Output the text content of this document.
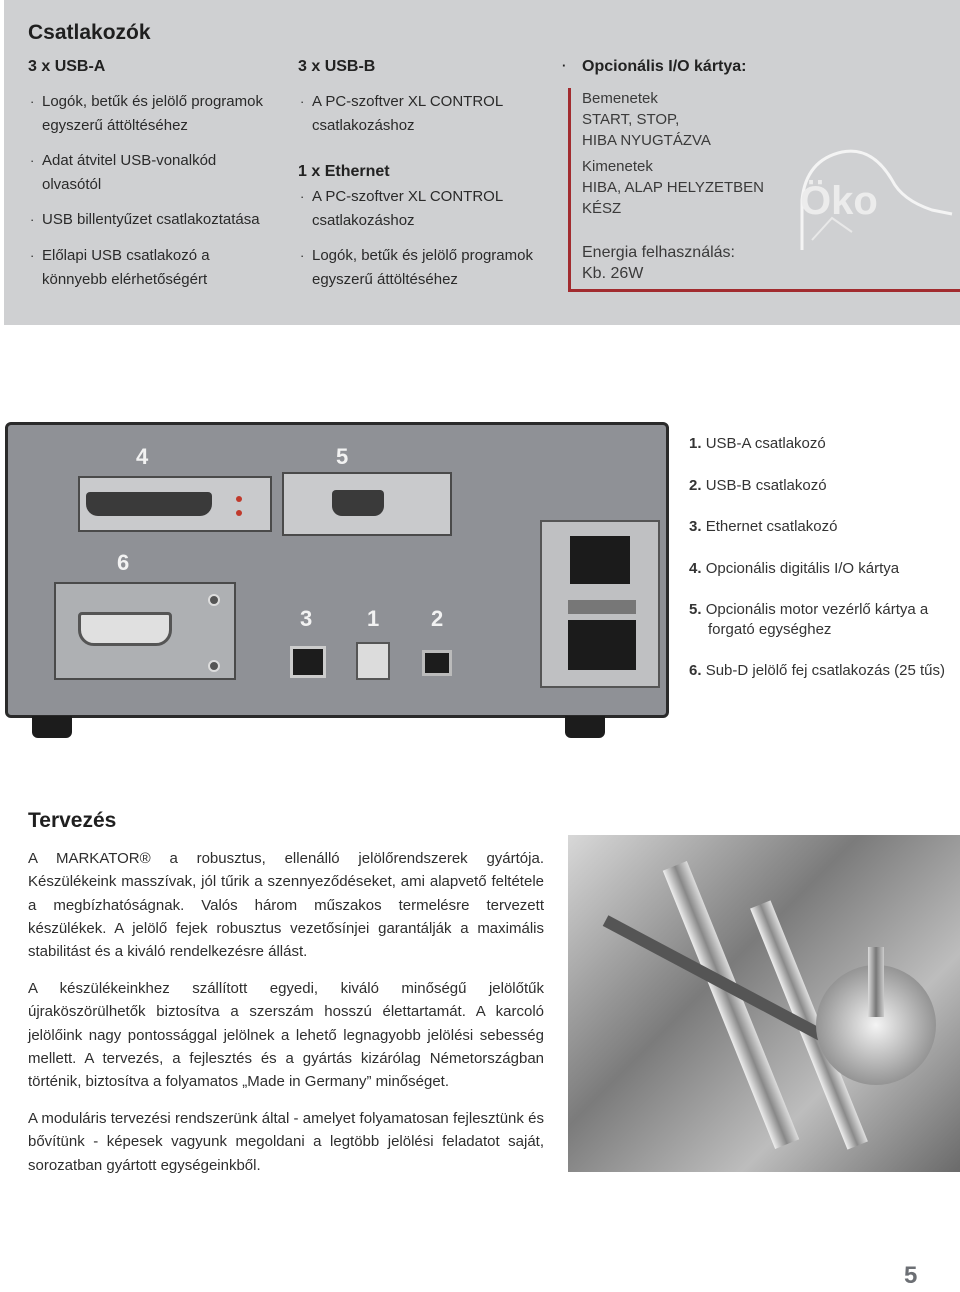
Csatlakozók
3 x USB-A
· Logók, betűk és jelölő programok egyszerű áttöltéséhez
· Adat átvitel USB-vonalkód olvasótól
· USB billentyűzet csatlakoztatása
· Előlapi USB csatlakozó a könnyebb elérhetőségért
3 x USB-B
· A PC-szoftver XL CONTROL csatlakozáshoz
1 x Ethernet
· A PC-szoftver XL CONTROL csatlakozáshoz
· Logók, betűk és jelölő programok egyszerű áttöltéséhez
· Opcionális I/O kártya:
Bemenetek
START, STOP,
HIBA NYUGTÁZVA
Kimenetek
HIBA, ALAP HELYZETBEN
KÉSZ
Energia felhasználás:
Kb. 26W
Öko
4	5
6
3 1 2
1. USB-A csatlakozó
2. USB-B csatlakozó
3. Ethernet csatlakozó
4. Opcionális digitális I/O kártya
5. Opcionális motor vezérlő kártya a forgató egységhez
6. Sub-D jelölő fej csatlakozás (25 tűs)
Tervezés
A MARKATOR® a robusztus, ellenálló jelölőrendszerek gyártója. Készülékeink masszívak, jól tűrik a szennyeződéseket, ami alapvető feltétele a megbízhatóságnak. Valós három műszakos termelésre tervezett készülékek. A jelölő fejek robusztus vezetősínjei garantálják a maximális stabilitást és a kiváló rendelkezésre állást.
A készülékeinkhez szállított egyedi, kiváló minőségű jelölőtűk újraköszörülhetők biztosítva a szerszám hosszú élettartamát. A karcoló jelölőink nagy pontossággal jelölnek a lehető legnagyobb jelölési sebesség mellett. A tervezés, a fejlesztés és a gyártás kizárólag Németországban történik, biztosítva a folyamatos „Made in Germany” minőséget.
A moduláris tervezési rendszerünk által - amelyet folyamatosan fejlesztünk és bővítünk - képesek vagyunk megoldani a legtöbb jelölési feladatot saját, sorozatban gyártott egységeinkből.
5
